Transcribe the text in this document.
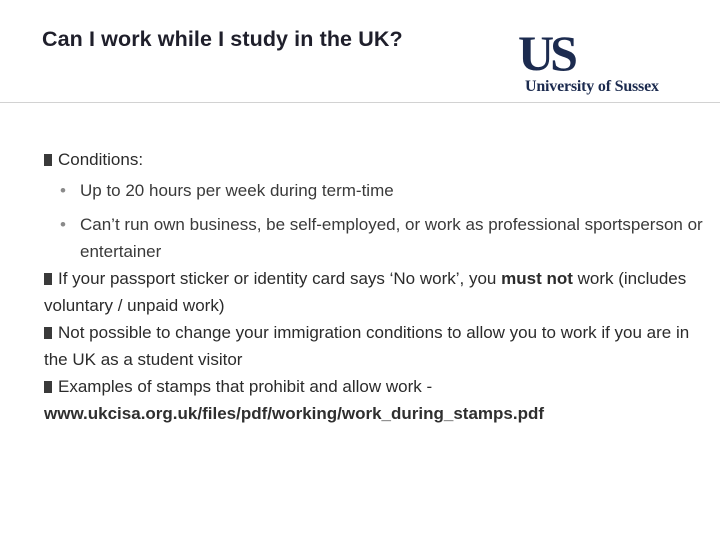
Can I work while I study in the UK? US
University of Sussex

Conditions:

• Up to 20 hours per week during term-time

• Can’t run own business, be self-employed, or work as professional sportsperson or entertainer

If your passport sticker or identity card says ‘No work’, you must not work (includes voluntary / unpaid work)

Not possible to change your immigration conditions to allow you to work if you are in the UK as a student visitor

Examples of stamps that prohibit and allow work - www.ukcisa.org.uk/files/pdf/working/work_during_stamps.pdf
